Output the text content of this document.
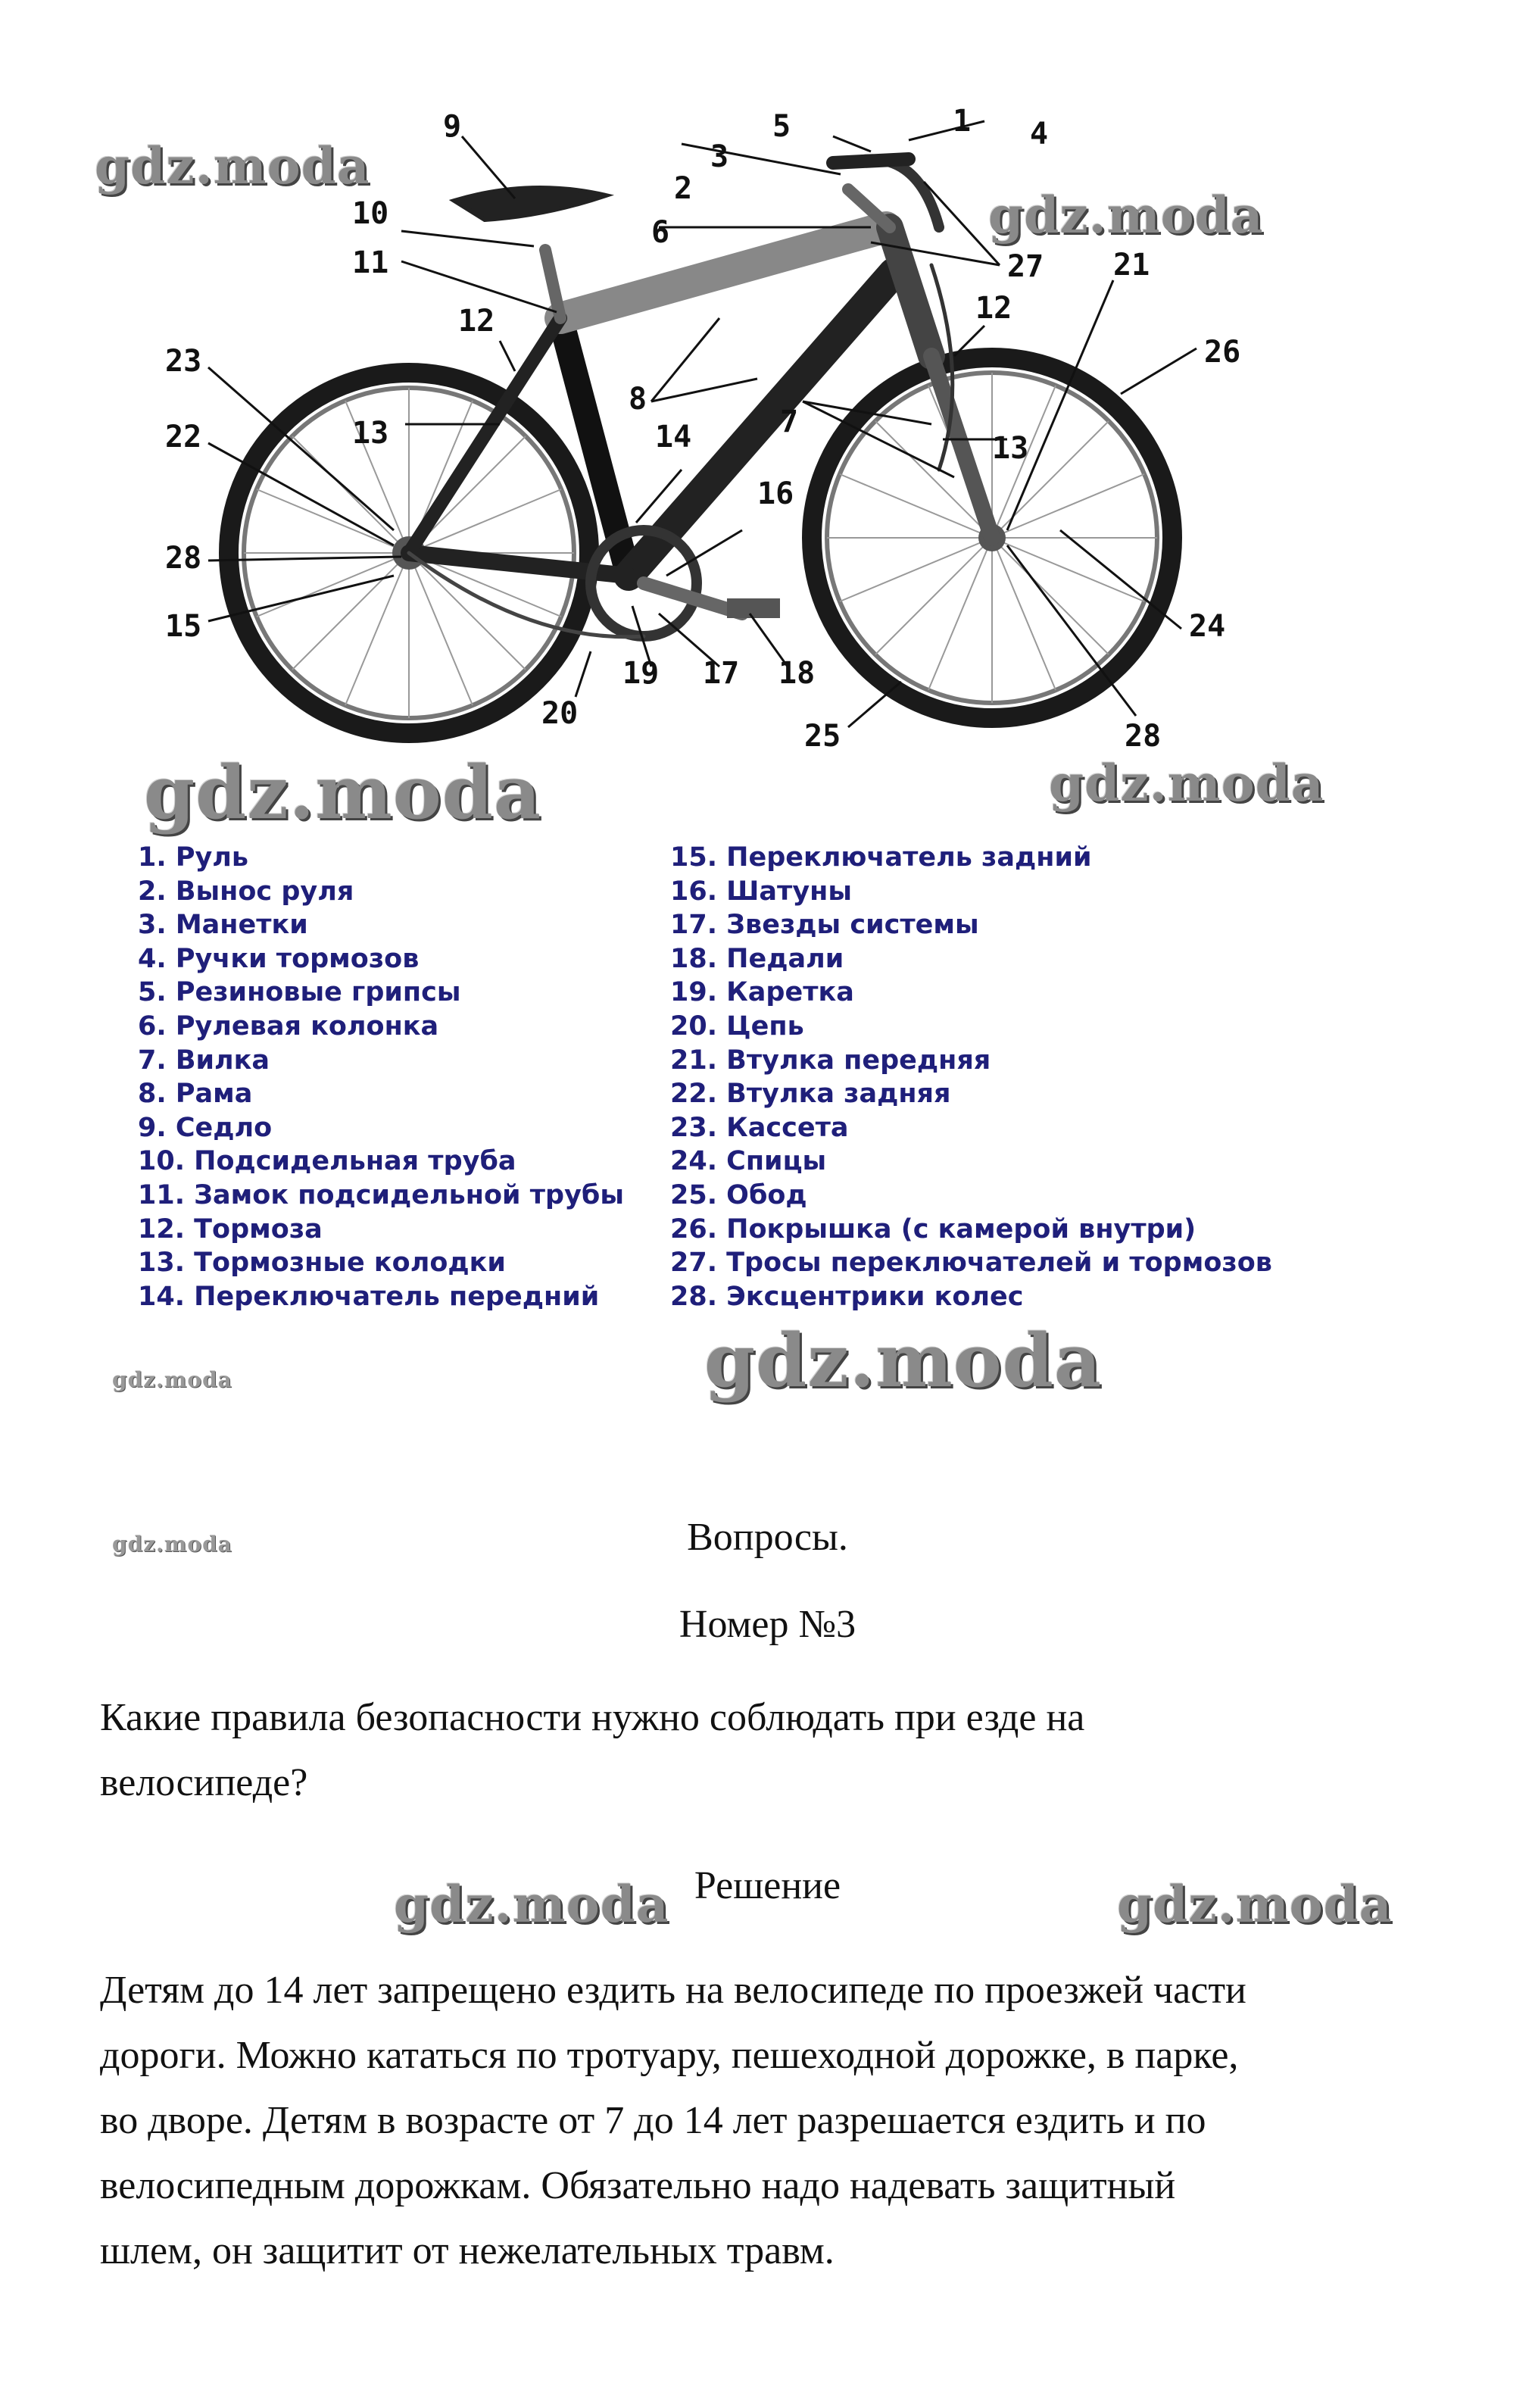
1
2
3
4
5
6
7
8
9
10
11
12	12
13	13
14
15
16
17 18
19
20
21
22
23
24
25
26
27
28
28
gdz.moda
gdz.moda
gdz.moda	gdz.moda
gdz.moda	gdz.moda
gdz.moda
gdz.moda	gdz.moda
1. Руль
2. Вынос руля
3. Манетки
4. Ручки тормозов
5. Резиновые грипсы
6. Рулевая колонка
7. Вилка
8. Рама
9. Седло
10. Подсидельная труба
11. Замок подсидельной трубы
12. Тормоза
13. Тормозные колодки
14. Переключатель передний
15. Переключатель задний
16. Шатуны
17. Звезды системы
18. Педали
19. Каретка
20. Цепь
21. Втулка передняя
22. Втулка задняя
23. Кассета
24. Спицы
25. Обод
26. Покрышка (с камерой внутри)
27. Тросы переключателей и тормозов
28. Эксцентрики колес
Вопросы.
Номер №3
Какие правила безопасности нужно соблюдать при езде на
велосипеде?
Решение
Детям до 14 лет запрещено ездить на велосипеде по проезжей части
дороги. Можно кататься по тротуару, пешеходной дорожке, в парке,
во дворе. Детям в возрасте от 7 до 14 лет разрешается ездить и по
велосипедным дорожкам. Обязательно надо надевать защитный
шлем, он защитит от нежелательных травм.
